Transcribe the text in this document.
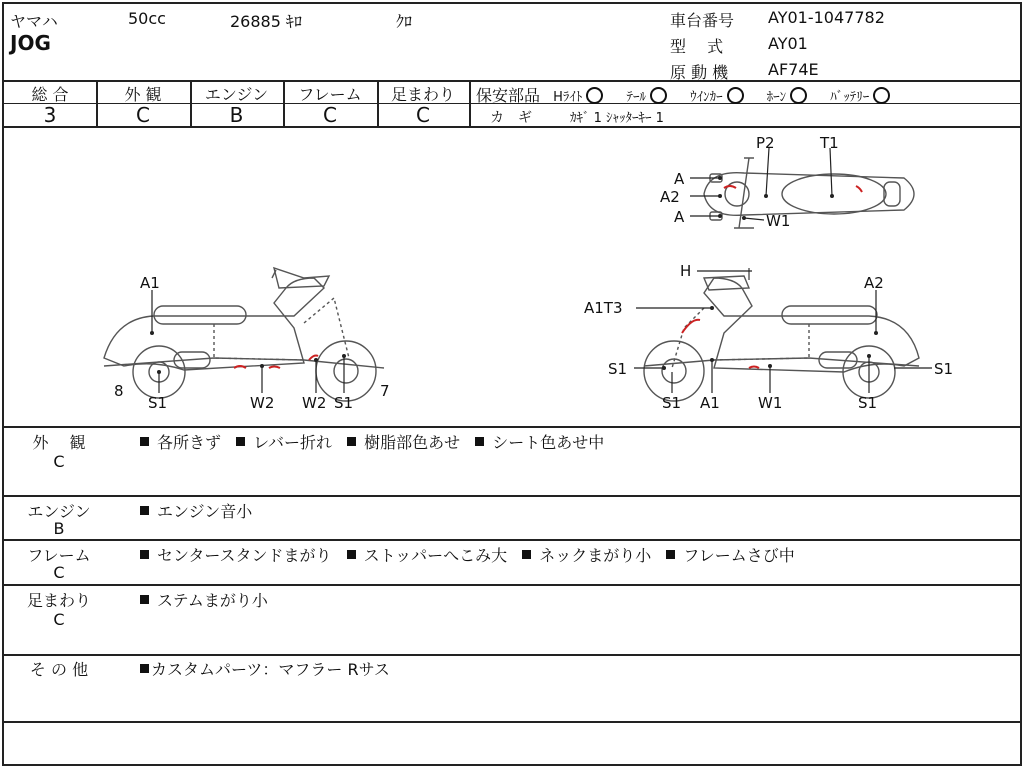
ヤマハ	50cc	26885 ｷﾛ	ｸﾛ
JOG
車台番号 AY01-1047782
型　 式	AY01
原 動 機 AF74E
総 合	外 観	エンジン	フレーム	足まわり
3	C	B	C	C
保安部品 Hﾗｲﾄ	ﾃｰﾙ	ｳｲﾝｶｰ	ﾎｰﾝ	ﾊﾞｯﾃﾘｰ
カ　ギ	ｶｷﾞ 1 ｼｬｯﾀｰｷｰ 1
A1
8
S1	W2 W2 S1
7
H
A1T3
A2
S1
S1 A1	W1	S1
S1
P2	T1
A
A2
A	W1
外　 観
C
各所きず レバー折れ 樹脂部色あせ シート色あせ中
エンジン
B
エンジン音小
フレーム
C
センタースタンドまがり ストッパーへこみ大 ネックまがり小 フレームさび中
足まわり
C
ステムまがり小
そ の 他	カスタムパーツ：マフラー Rサス
